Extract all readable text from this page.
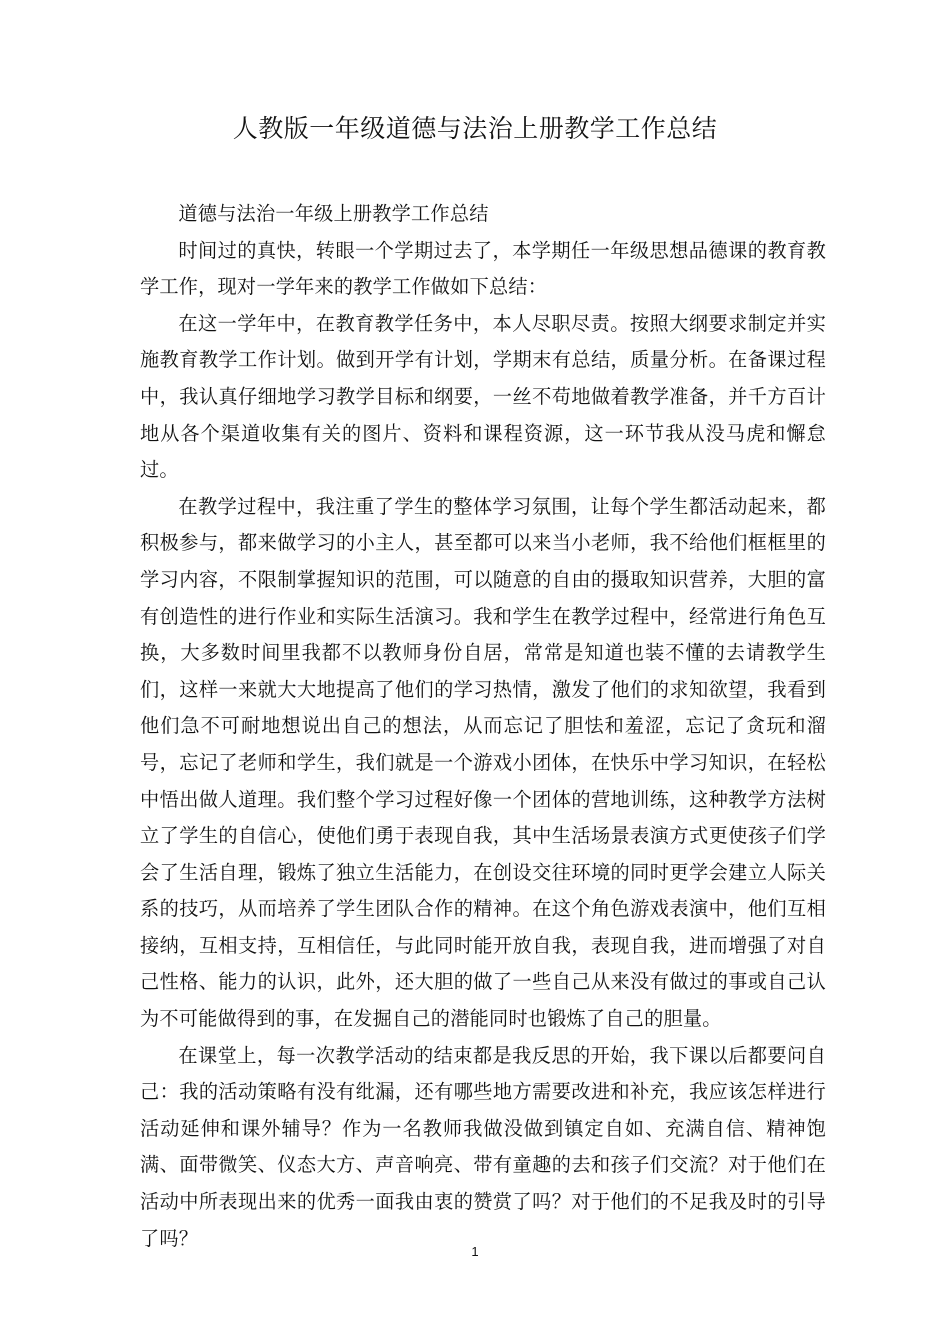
人教版一年级道德与法治上册教学工作总结

道德与法治一年级上册教学工作总结

时间过的真快，转眼一个学期过去了，本学期任一年级思想品德课的教育教学工作，现对一学年来的教学工作做如下总结：

在这一学年中，在教育教学任务中，本人尽职尽责。按照大纲要求制定并实施教育教学工作计划。做到开学有计划，学期末有总结，质量分析。在备课过程中，我认真仔细地学习教学目标和纲要，一丝不苟地做着教学准备，并千方百计地从各个渠道收集有关的图片、资料和课程资源，这一环节我从没马虎和懈怠过。

在教学过程中，我注重了学生的整体学习氛围，让每个学生都活动起来，都积极参与，都来做学习的小主人，甚至都可以来当小老师，我不给他们框框里的学习内容，不限制掌握知识的范围，可以随意的自由的摄取知识营养，大胆的富有创造性的进行作业和实际生活演习。我和学生在教学过程中，经常进行角色互换，大多数时间里我都不以教师身份自居，常常是知道也装不懂的去请教学生们，这样一来就大大地提高了他们的学习热情，激发了他们的求知欲望，我看到他们急不可耐地想说出自己的想法，从而忘记了胆怯和羞涩，忘记了贪玩和溜号，忘记了老师和学生，我们就是一个游戏小团体，在快乐中学习知识，在轻松中悟出做人道理。我们整个学习过程好像一个团体的营地训练，这种教学方法树立了学生的自信心，使他们勇于表现自我，其中生活场景表演方式更使孩子们学会了生活自理，锻炼了独立生活能力，在创设交往环境的同时更学会建立人际关系的技巧，从而培养了学生团队合作的精神。在这个角色游戏表演中，他们互相接纳，互相支持，互相信任，与此同时能开放自我，表现自我，进而增强了对自己性格、能力的认识，此外，还大胆的做了一些自己从来没有做过的事或自己认为不可能做得到的事，在发掘自己的潜能同时也锻炼了自己的胆量。

在课堂上，每一次教学活动的结束都是我反思的开始，我下课以后都要问自己：我的活动策略有没有纰漏，还有哪些地方需要改进和补充，我应该怎样进行活动延伸和课外辅导？作为一名教师我做没做到镇定自如、充满自信、精神饱满、面带微笑、仪态大方、声音响亮、带有童趣的去和孩子们交流？对于他们在活动中所表现出来的优秀一面我由衷的赞赏了吗？对于他们的不足我及时的引导了吗？

1
